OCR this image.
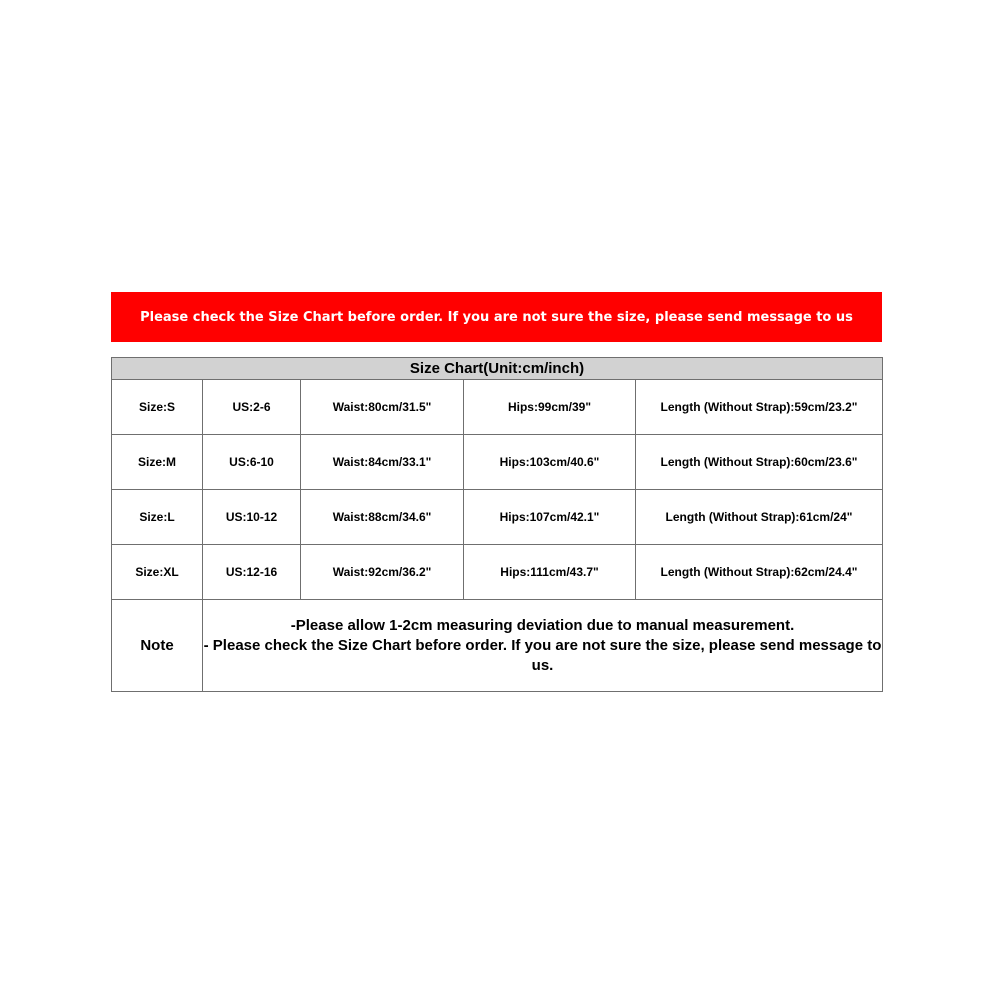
Please check the Size Chart before order. If you are not sure the size, please send message to us
Size Chart(Unit:cm/inch)				
Size:S	US:2-6	Waist:80cm/31.5"	Hips:99cm/39"	Length (Without Strap):59cm/23.2"
Size:M	US:6-10	Waist:84cm/33.1"	Hips:103cm/40.6"	Length (Without Strap):60cm/23.6"
Size:L	US:10-12	Waist:88cm/34.6"	Hips:107cm/42.1"	Length (Without Strap):61cm/24"
Size:XL	US:12-16	Waist:92cm/36.2"	Hips:111cm/43.7"	Length (Without Strap):62cm/24.4"
Note	-Please allow 1-2cm measuring deviation due to manual measurement.
- Please check the Size Chart before order. If you are not sure the size, please send message to us.			
